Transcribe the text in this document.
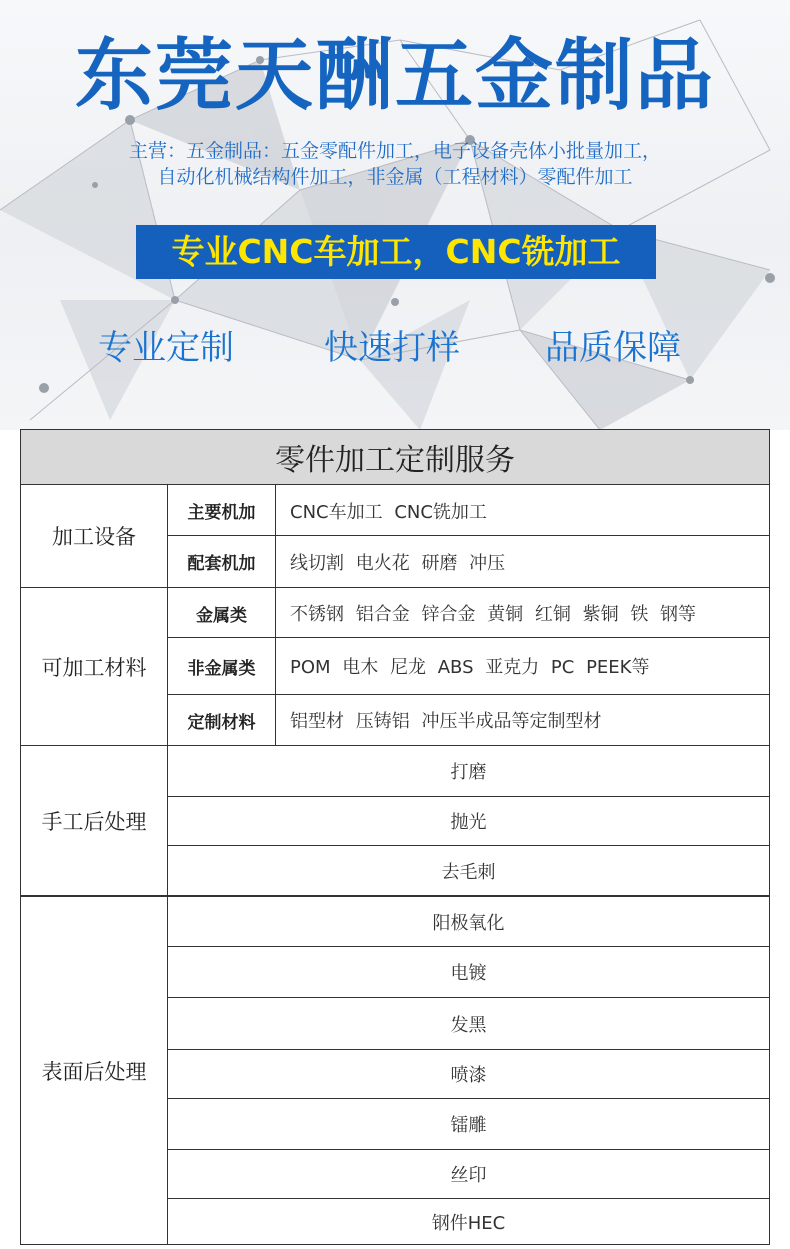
东莞天酬五金制品
主营：五金制品：五金零配件加工，电子设备壳体小批量加工，
自动化机械结构件加工，非金属（工程材料）零配件加工
专业CNC车加工，CNC铣加工
专业定制	快速打样	品质保障
零件加工定制服务
加工设备
主要机加	CNC车加工 CNC铣加工
配套机加	线切割 电火花 研磨 冲压
可加工材料
金属类	不锈钢 铝合金 锌合金 黄铜 红铜 紫铜 铁 钢等
非金属类	POM 电木 尼龙 ABS 亚克力 PC PEEK等
定制材料	铝型材 压铸铝 冲压半成品等定制型材
手工后处理
打磨
抛光
去毛刺
表面后处理
阳极氧化
电镀
发黑
喷漆
镭雕
丝印
钢件HEC
